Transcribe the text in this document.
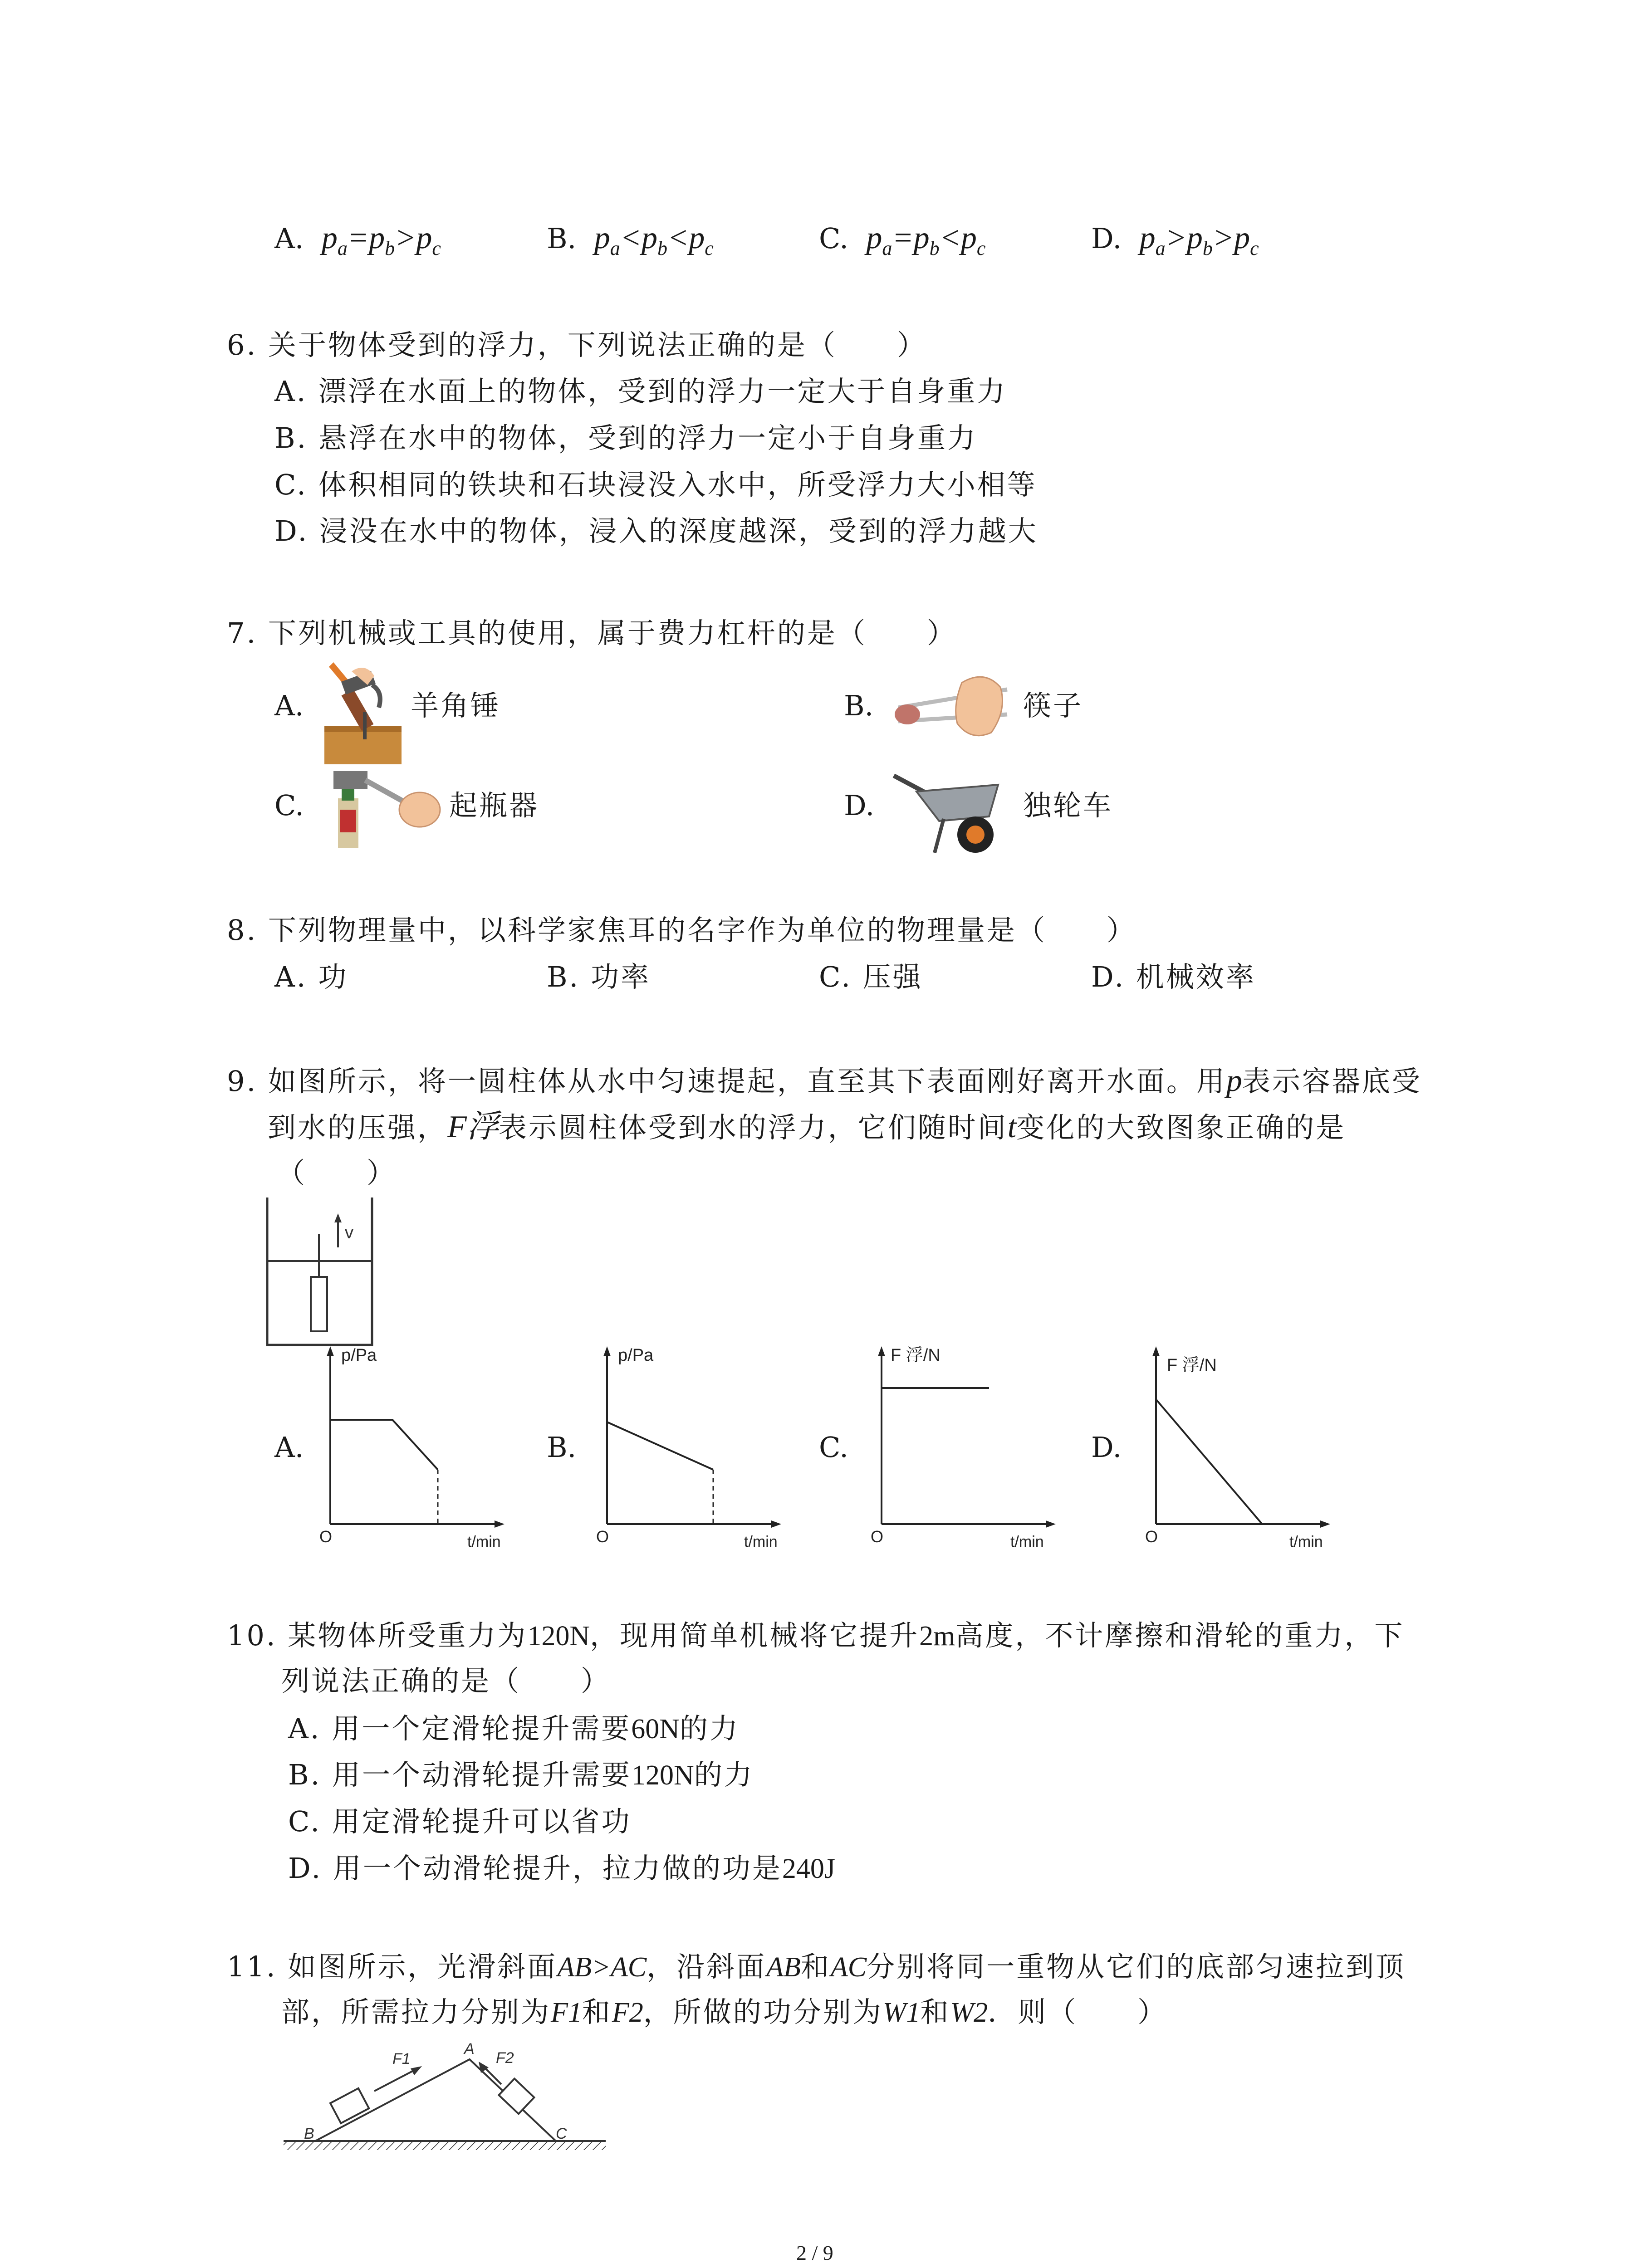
A. $p_a=p_b>p_c$	B. $p_a<p_b<p_c$	C. $p_a=p_b<p_c$	D. $p_a>p_b>p_c$
6. 关于物体受到的浮力，下列说法正确的是（　　）
A. 漂浮在水面上的物体，受到的浮力一定大于自身重力
B. 悬浮在水中的物体，受到的浮力一定小于自身重力
C. 体积相同的铁块和石块浸没入水中，所受浮力大小相等
D. 浸没在水中的物体，浸入的深度越深，受到的浮力越大
7. 下列机械或工具的使用，属于费力杠杆的是（　　）
A.	羊角锤	B.	筷子
C.	起瓶器	D.	独轮车
8. 下列物理量中，以科学家焦耳的名字作为单位的物理量是（　　）
A. 功	B. 功率	C. 压强	D. 机械效率
9. 如图所示，将一圆柱体从水中匀速提起，直至其下表面刚好离开水面。用p表示容器底受
到水的压强，F浮表示圆柱体受到水的浮力，它们随时间t变化的大致图象正确的是
（　　）
v
A.
p/Pa
t/min
O
B.
p/Pa
t/min
O
C.
F 浮/N
t/min
O
D.
F 浮/N
t/min
O
10. 某物体所受重力为120N，现用简单机械将它提升2m高度，不计摩擦和滑轮的重力，下
列说法正确的是（　　）
A. 用一个定滑轮提升需要60N的力
B. 用一个动滑轮提升需要120N的力
C. 用定滑轮提升可以省功
D. 用一个动滑轮提升，拉力做的功是240J
11. 如图所示，光滑斜面AB>AC，沿斜面AB和AC分别将同一重物从它们的底部匀速拉到顶
部，所需拉力分别为F1和F2，所做的功分别为W1和W2．则（　　）
F1
A
F2
B	C
2 / 9
